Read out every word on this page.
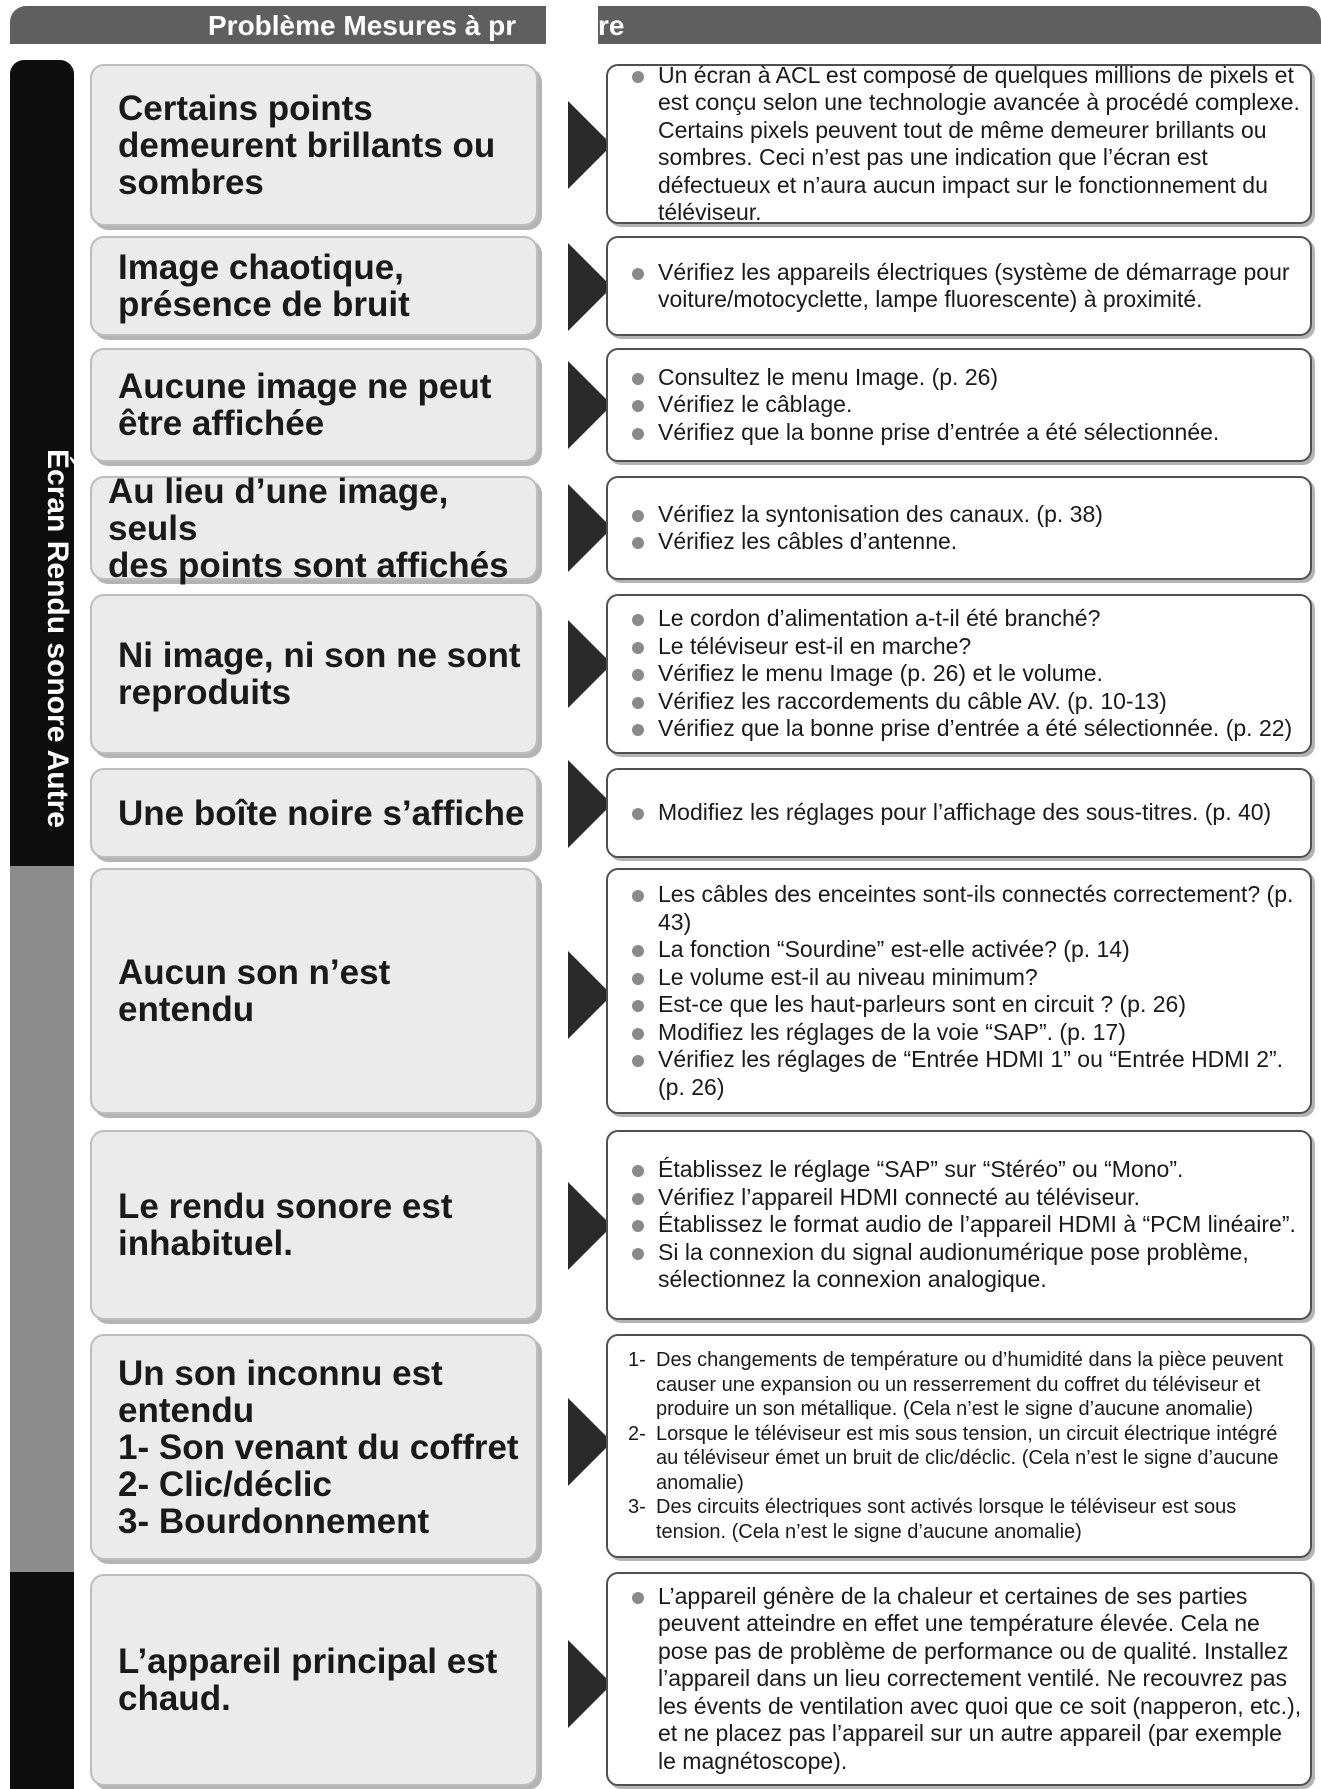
Problème Mesures à pr	re
Écran Rendu sonore Autre
Certains points
demeurent brillants ou
sombres
Un écran à ACL est composé de quelques millions de pixels et est conçu selon une technologie avancée à procédé complexe. Certains pixels peuvent tout de même demeurer brillants ou sombres. Ceci n’est pas une indication que l’écran est défectueux et n’aura aucun impact sur le fonctionnement du téléviseur.
Image chaotique,
présence de bruit
Vérifiez les appareils électriques (système de démarrage pour voiture/motocyclette, lampe fluorescente) à proximité.
Aucune image ne peut
être affichée
Consultez le menu Image. (p. 26)
Vérifiez le câblage.
Vérifiez que la bonne prise d’entrée a été sélectionnée.
Au lieu d’une image, seuls
des points sont affichés
Vérifiez la syntonisation des canaux. (p. 38)
Vérifiez les câbles d’antenne.
Ni image, ni son ne sont
reproduits
Le cordon d’alimentation a-t-il été branché?
Le téléviseur est-il en marche?
Vérifiez le menu Image (p. 26) et le volume.
Vérifiez les raccordements du câble AV. (p. 10-13)
Vérifiez que la bonne prise d’entrée a été sélectionnée. (p. 22)
Une boîte noire s’affiche	Modifiez les réglages pour l’affichage des sous-titres. (p. 40)
Aucun son n’est entendu
Les câbles des enceintes sont-ils connectés correctement? (p. 43)
La fonction “Sourdine” est-elle activée? (p. 14)
Le volume est-il au niveau minimum?
Est-ce que les haut-parleurs sont en circuit ? (p. 26)
Modifiez les réglages de la voie “SAP”. (p. 17)
Vérifiez les réglages de “Entrée HDMI 1” ou “Entrée HDMI 2”. (p. 26)
Le rendu sonore est
inhabituel.
Établissez le réglage “SAP” sur “Stéréo” ou “Mono”.
Vérifiez l’appareil HDMI connecté au téléviseur.
Établissez le format audio de l’appareil HDMI à “PCM linéaire”.
Si la connexion du signal audionumérique pose problème, sélectionnez la connexion analogique.
Un son inconnu est
entendu
1- Son venant du coffret
2- Clic/déclic
3- Bourdonnement
1- Des changements de température ou d’humidité dans la pièce peuvent causer une expansion ou un resserrement du coffret du téléviseur et produire un son métallique. (Cela n’est le signe d’aucune anomalie)
2- Lorsque le téléviseur est mis sous tension, un circuit électrique intégré au téléviseur émet un bruit de clic/déclic. (Cela n’est le signe d’aucune anomalie)
3- Des circuits électriques sont activés lorsque le téléviseur est sous tension. (Cela n’est le signe d’aucune anomalie)
L’appareil principal est
chaud.
L’appareil génère de la chaleur et certaines de ses parties peuvent atteindre en effet une température élevée. Cela ne pose pas de problème de performance ou de qualité. Installez l’appareil dans un lieu correctement ventilé. Ne recouvrez pas les évents de ventilation avec quoi que ce soit (napperon, etc.), et ne placez pas l’appareil sur un autre appareil (par exemple le magnétoscope).
